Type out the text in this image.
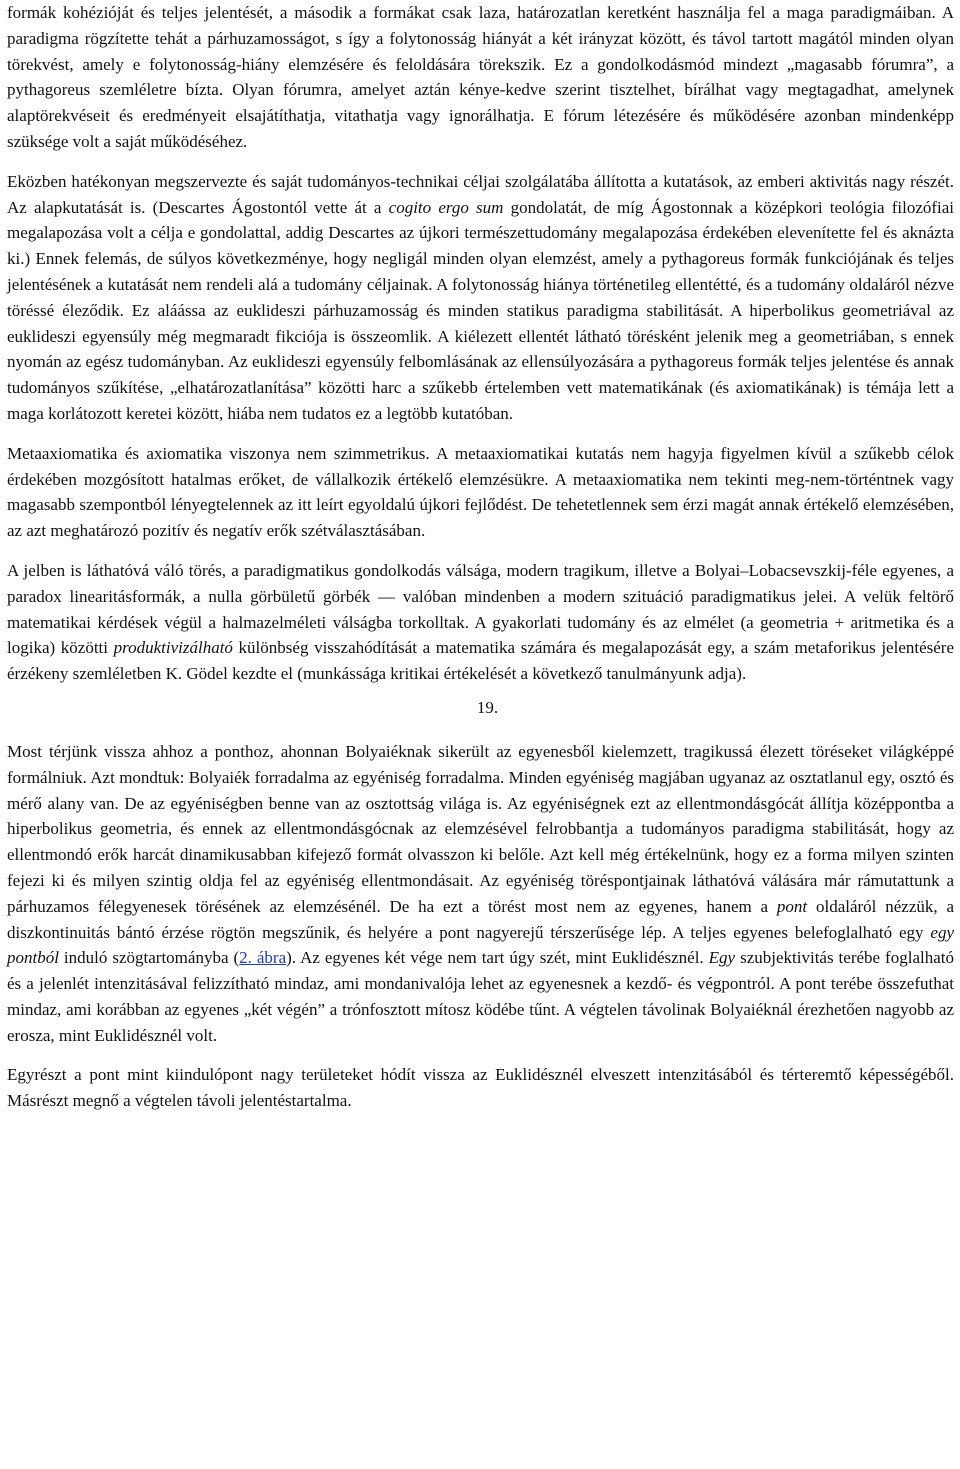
formák kohézióját és teljes jelentését, a második a formákat csak laza, határozatlan keretként használja fel a maga paradigmáiban. A paradigma rögzítette tehát a párhuzamosságot, s így a folytonosság hiányát a két irányzat között, és távol tartott magától minden olyan törekvést, amely e folytonosság-hiány elemzésére és feloldására törekszik. Ez a gondolkodásmód mindezt „magasabb fórumra”, a pythagoreus szemléletre bízta. Olyan fórumra, amelyet aztán kénye-kedve szerint tisztelhet, bírálhat vagy megtagadhat, amelynek alaptörekvéseit és eredményeit elsajátíthatja, vitathatja vagy ignorálhatja. E fórum létezésére és működésére azonban mindenképp szüksége volt a saját működéséhez.

Eközben hatékonyan megszervezte és saját tudományos-technikai céljai szolgálatába állította a kutatások, az emberi aktivitás nagy részét. Az alapkutatását is. (Descartes Ágostontól vette át a cogito ergo sum gondolatát, de míg Ágostonnak a középkori teológia filozófiai megalapozása volt a célja e gondolattal, addig Descartes az újkori természettudomány megalapozása érdekében elevenítette fel és aknázta ki.) Ennek felemás, de súlyos következménye, hogy negligál minden olyan elemzést, amely a pythagoreus formák funkciójának és teljes jelentésének a kutatását nem rendeli alá a tudomány céljainak. A folytonosság hiánya történetileg ellentétté, és a tudomány oldaláról nézve töréssé éleződik. Ez aláássa az euklideszi párhuzamosság és minden statikus paradigma stabilitását. A hiperbolikus geometriával az euklideszi egyensúly még megmaradt fikciója is összeomlik. A kiélezett ellentét látható törésként jelenik meg a geometriában, s ennek nyomán az egész tudományban. Az euklideszi egyensúly felbomlásának az ellensúlyozására a pythagoreus formák teljes jelentése és annak tudományos szűkítése, „elhatározatlanítása” közötti harc a szűkebb értelemben vett matematikának (és axiomatikának) is témája lett a maga korlátozott keretei között, hiába nem tudatos ez a legtöbb kutatóban.

Metaaxiomatika és axiomatika viszonya nem szimmetrikus. A metaaxiomatikai kutatás nem hagyja figyelmen kívül a szűkebb célok érdekében mozgósított hatalmas erőket, de vállalkozik értékelő elemzésükre. A metaaxiomatika nem tekinti meg-nem-történtnek vagy magasabb szempontból lényegtelennek az itt leírt egyoldalú újkori fejlődést. De tehetetlennek sem érzi magát annak értékelő elemzésében, az azt meghatározó pozitív és negatív erők szétválasztásában.

A jelben is láthatóvá váló törés, a paradigmatikus gondolkodás válsága, modern tragikum, illetve a Bolyai–Lobacsevszkij-féle egyenes, a paradox linearitásformák, a nulla görbületű görbék — valóban mindenben a modern szituáció paradigmatikus jelei. A velük feltörő matematikai kérdések végül a halmazelméleti válságba torkolltak. A gyakorlati tudomány és az elmélet (a geometria + aritmetika és a logika) közötti produktivizálható különbség visszahódítását a matematika számára és megalapozását egy, a szám metaforikus jelentésére érzékeny szemléletben K. Gödel kezdte el (munkássága kritikai értékelését a következő tanulmányunk adja).

19.

Most térjünk vissza ahhoz a ponthoz, ahonnan Bolyaiéknak sikerült az egyenesből kielemzett, tragikussá élezett töréseket világképpé formálniuk. Azt mondtuk: Bolyaiék forradalma az egyéniség forradalma. Minden egyéniség magjában ugyanaz az osztatlanul egy, osztó és mérő alany van. De az egyéniségben benne van az osztottság világa is. Az egyéniségnek ezt az ellentmondásgócát állítja középpontba a hiperbolikus geometria, és ennek az ellentmondásgócnak az elemzésével felrobbantja a tudományos paradigma stabilitását, hogy az ellentmondó erők harcát dinamikusabban kifejező formát olvasszon ki belőle. Azt kell még értékelnünk, hogy ez a forma milyen szinten fejezi ki és milyen szintig oldja fel az egyéniség ellentmondásait. Az egyéniség töréspontjainak láthatóvá válására már rámutattunk a párhuzamos félegyenesek törésének az elemzésénél. De ha ezt a törést most nem az egyenes, hanem a pont oldaláról nézzük, a diszkontinuitás bántó érzése rögtön megszűnik, és helyére a pont nagyerejű térszerűsége lép. A teljes egyenes belefoglalható egy egy pontból induló szögtartományba (2. ábra). Az egyenes két vége nem tart úgy szét, mint Euklidésznél. Egy szubjektivitás terébe foglalható és a jelenlét intenzitásával felizzítható mindaz, ami mondanivalója lehet az egyenesnek a kezdő- és végpontról. A pont terébe összefuthat mindaz, ami korábban az egyenes „két végén” a trónfosztott mítosz ködébe tűnt. A végtelen távolinak Bolyaiéknál érezhetően nagyobb az erosza, mint Euklidésznél volt.

Egyrészt a pont mint kiindulópont nagy területeket hódít vissza az Euklidésznél elveszett intenzitásából és térteremtő képességéből. Másrészt megnő a végtelen távoli jelentéstartalma.
